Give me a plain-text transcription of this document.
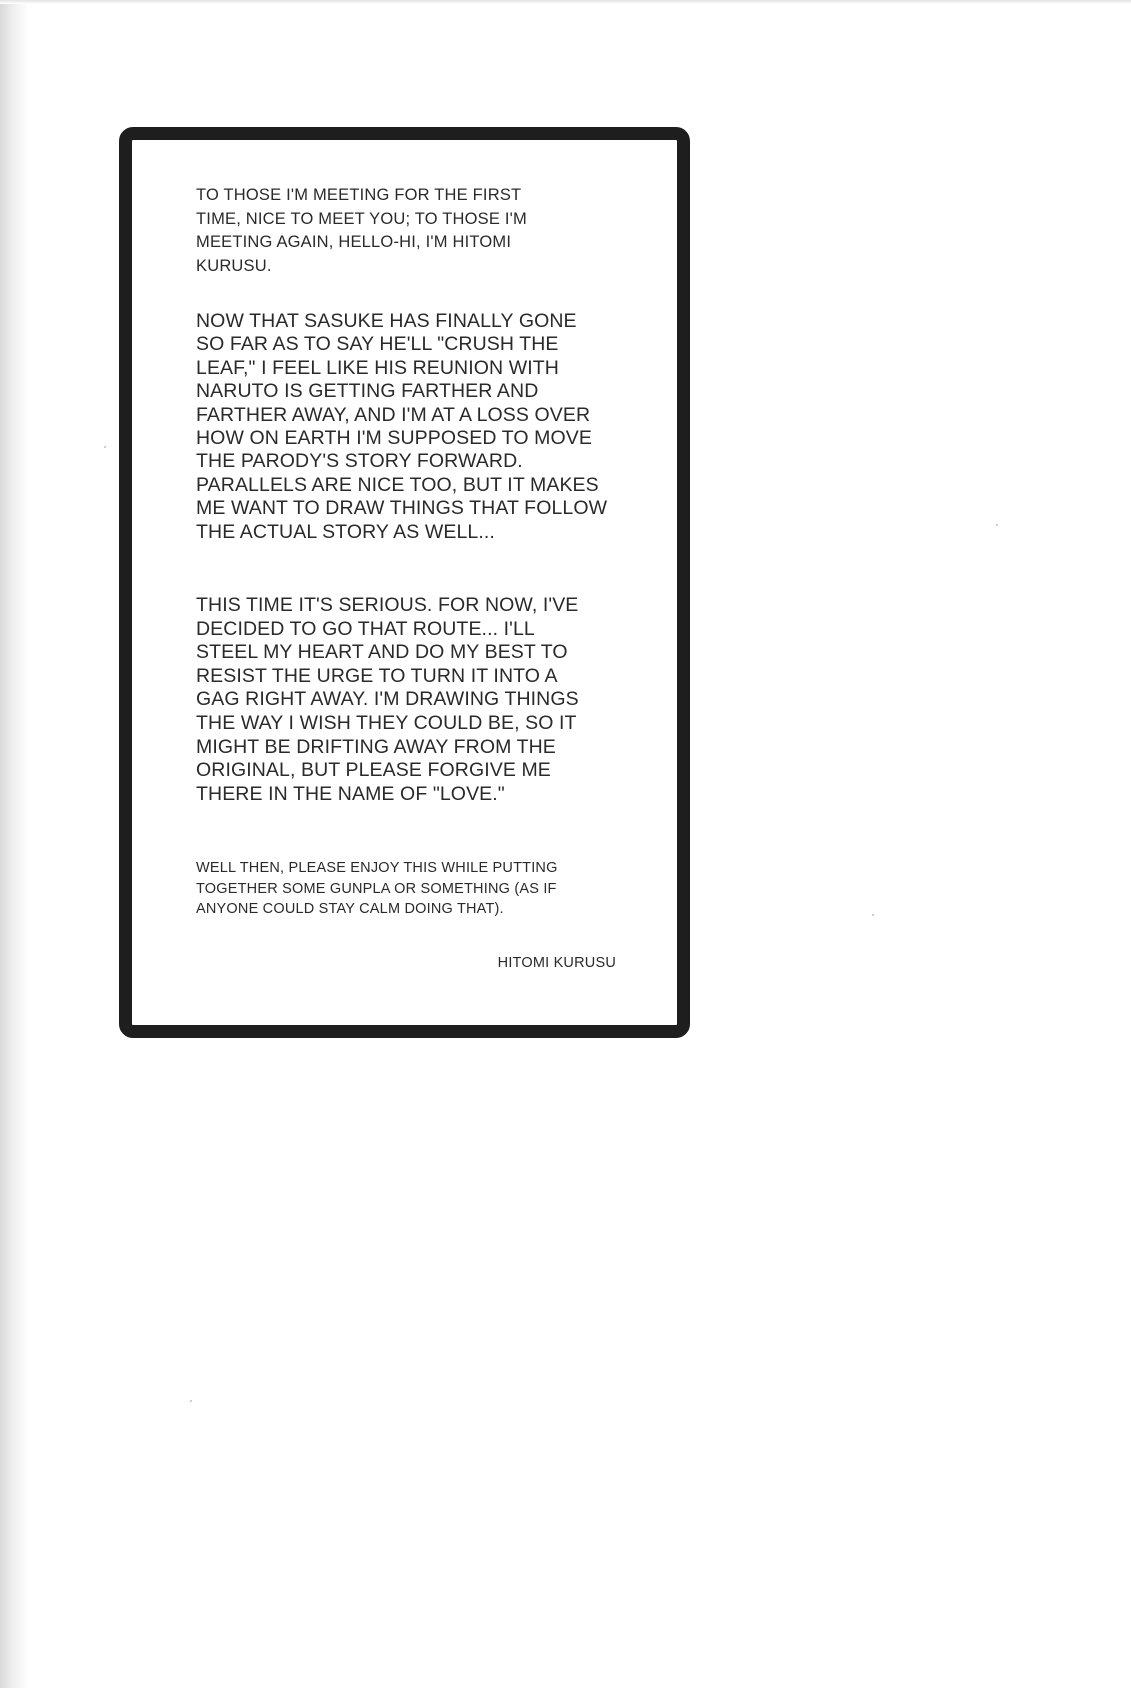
TO THOSE I'M MEETING FOR THE FIRST
TIME, NICE TO MEET YOU; TO THOSE I'M
MEETING AGAIN, HELLO-HI, I'M HITOMI
KURUSU.

NOW THAT SASUKE HAS FINALLY GONE
SO FAR AS TO SAY HE'LL "CRUSH THE
LEAF," I FEEL LIKE HIS REUNION WITH
NARUTO IS GETTING FARTHER AND
FARTHER AWAY, AND I'M AT A LOSS OVER
HOW ON EARTH I'M SUPPOSED TO MOVE
THE PARODY'S STORY FORWARD.
PARALLELS ARE NICE TOO, BUT IT MAKES
ME WANT TO DRAW THINGS THAT FOLLOW
THE ACTUAL STORY AS WELL...

THIS TIME IT'S SERIOUS. FOR NOW, I'VE
DECIDED TO GO THAT ROUTE... I'LL
STEEL MY HEART AND DO MY BEST TO
RESIST THE URGE TO TURN IT INTO A
GAG RIGHT AWAY. I'M DRAWING THINGS
THE WAY I WISH THEY COULD BE, SO IT
MIGHT BE DRIFTING AWAY FROM THE
ORIGINAL, BUT PLEASE FORGIVE ME
THERE IN THE NAME OF "LOVE."

WELL THEN, PLEASE ENJOY THIS WHILE PUTTING
TOGETHER SOME GUNPLA OR SOMETHING (AS IF
ANYONE COULD STAY CALM DOING THAT).

HITOMI KURUSU
